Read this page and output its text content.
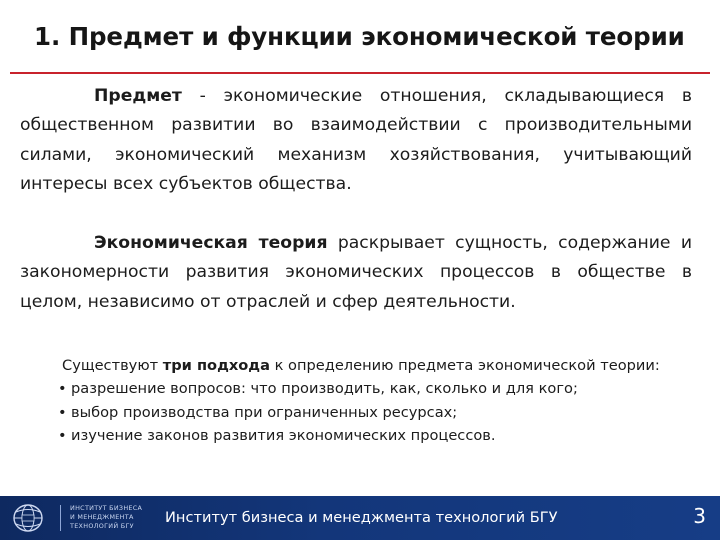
1. Предмет и функции экономической теории

Предмет - экономические отношения, складывающиеся в общественном развитии во взаимодействии с производительными силами, экономический механизм хозяйствования, учитывающий интересы всех субъектов общества.

Экономическая теория раскрывает сущность, содержание и закономерности развития экономических процессов в обществе в целом, независимо от отраслей и сфер деятельности.

Существуют три подхода к определению предмета экономической теории:

• разрешение вопросов: что производить, как, сколько и для кого;
• выбор производства при ограниченных ресурсах;
• изучение законов развития экономических процессов.
ИНСТИТУТ БИЗНЕСА
И МЕНЕДЖМЕНТА
ТЕХНОЛОГИЙ БГУ	Институт бизнеса и менеджмента технологий БГУ	3
